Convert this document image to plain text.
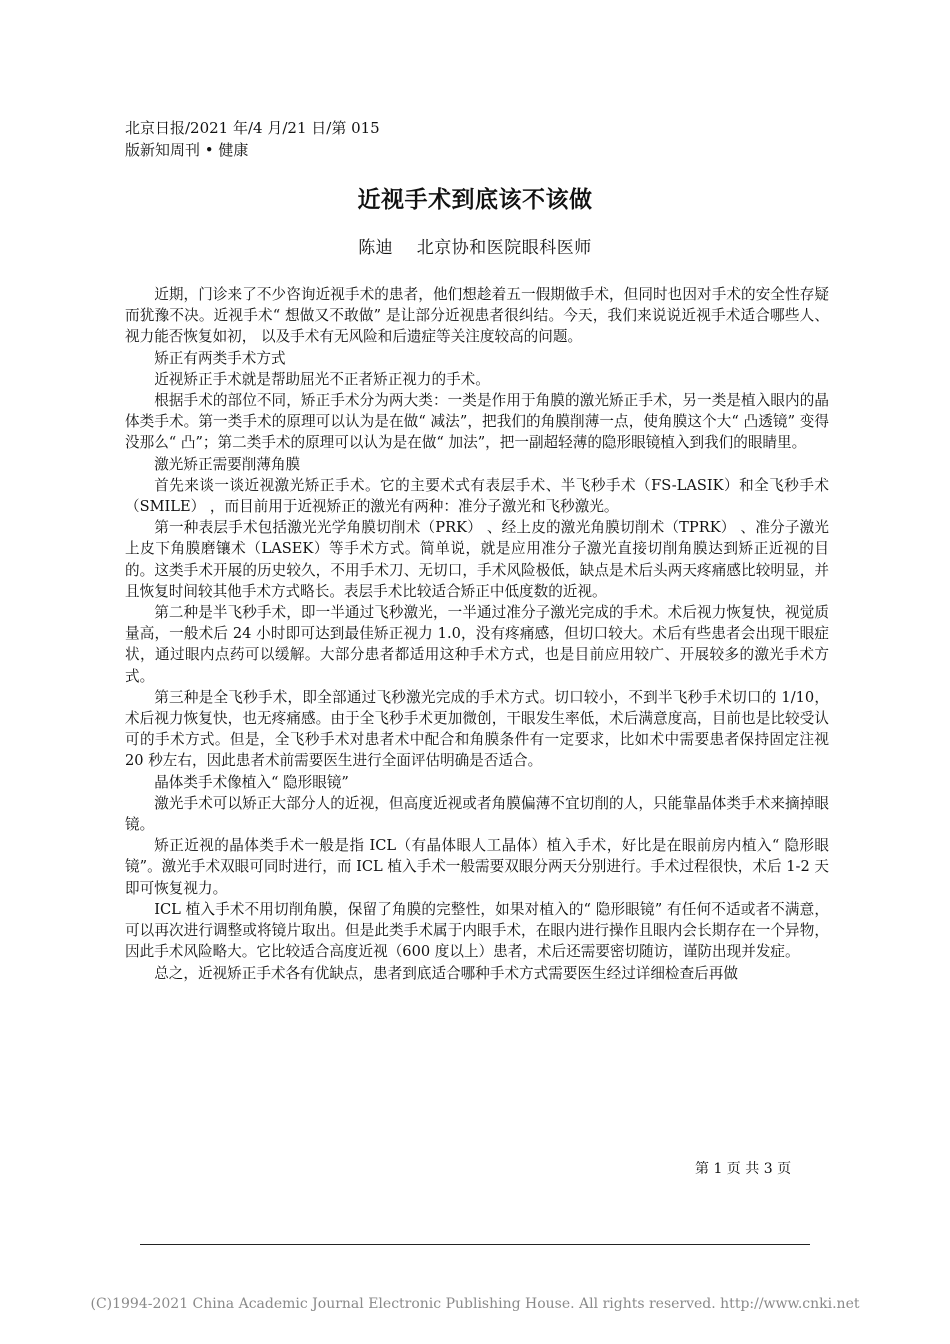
北京日报/2021 年/4 月/21 日/第 015
版新知周刊 • 健康
近视手术到底该不该做
陈迪    北京协和医院眼科医师

近期，门诊来了不少咨询近视手术的患者，他们想趁着五一假期做手术，但同时也因对手术的安全性存疑而犹豫不决。近视手术“ 想做又不敢做” 是让部分近视患者很纠结。今天，我们来说说近视手术适合哪些人、 视力能否恢复如初， 以及手术有无风险和后遗症等关注度较高的问题。

矫正有两类手术方式

近视矫正手术就是帮助屈光不正者矫正视力的手术。

根据手术的部位不同，矫正手术分为两大类：一类是作用于角膜的激光矫正手术，另一类是植入眼内的晶体类手术。第一类手术的原理可以认为是在做“ 减法”，把我们的角膜削薄一点，使角膜这个大“ 凸透镜” 变得没那么“ 凸”；第二类手术的原理可以认为是在做“ 加法”，把一副超轻薄的隐形眼镜植入到我们的眼睛里。

激光矫正需要削薄角膜

首先来谈一谈近视激光矫正手术。它的主要术式有表层手术、半飞秒手术（FS-LASIK）和全飞秒手术（SMILE） ，而目前用于近视矫正的激光有两种：准分子激光和飞秒激光。

第一种表层手术包括激光光学角膜切削术（PRK） 、经上皮的激光角膜切削术（TPRK） 、准分子激光上皮下角膜磨镶术（LASEK）等手术方式。简单说，就是应用准分子激光直接切削角膜达到矫正近视的目的。这类手术开展的历史较久，不用手术刀、无切口，手术风险极低，缺点是术后头两天疼痛感比较明显，并且恢复时间较其他手术方式略长。表层手术比较适合矫正中低度数的近视。

第二种是半飞秒手术，即一半通过飞秒激光，一半通过准分子激光完成的手术。术后视力恢复快，视觉质量高，一般术后 24 小时即可达到最佳矫正视力 1.0，没有疼痛感，但切口较大。术后有些患者会出现干眼症状，通过眼内点药可以缓解。大部分患者都适用这种手术方式，也是目前应用较广、开展较多的激光手术方式。

第三种是全飞秒手术，即全部通过飞秒激光完成的手术方式。切口较小，不到半飞秒手术切口的 1/10，术后视力恢复快，也无疼痛感。由于全飞秒手术更加微创，干眼发生率低，术后满意度高，目前也是比较受认可的手术方式。但是，全飞秒手术对患者术中配合和角膜条件有一定要求，比如术中需要患者保持固定注视 20 秒左右，因此患者术前需要医生进行全面评估明确是否适合。

晶体类手术像植入“ 隐形眼镜”

激光手术可以矫正大部分人的近视，但高度近视或者角膜偏薄不宜切削的人，只能靠晶体类手术来摘掉眼镜。

矫正近视的晶体类手术一般是指 ICL（有晶体眼人工晶体）植入手术，好比是在眼前房内植入“ 隐形眼镜”。激光手术双眼可同时进行，而 ICL 植入手术一般需要双眼分两天分别进行。手术过程很快，术后 1-2 天即可恢复视力。

ICL 植入手术不用切削角膜，保留了角膜的完整性，如果对植入的“ 隐形眼镜” 有任何不适或者不满意，可以再次进行调整或将镜片取出。但是此类手术属于内眼手术，在眼内进行操作且眼内会长期存在一个异物，因此手术风险略大。它比较适合高度近视（600 度以上）患者，术后还需要密切随访，谨防出现并发症。

总之，近视矫正手术各有优缺点，患者到底适合哪种手术方式需要医生经过详细检查后再做

第 1 页 共 3 页
(C)1994-2021 China Academic Journal Electronic Publishing House. All rights reserved. http://www.cnki.net
